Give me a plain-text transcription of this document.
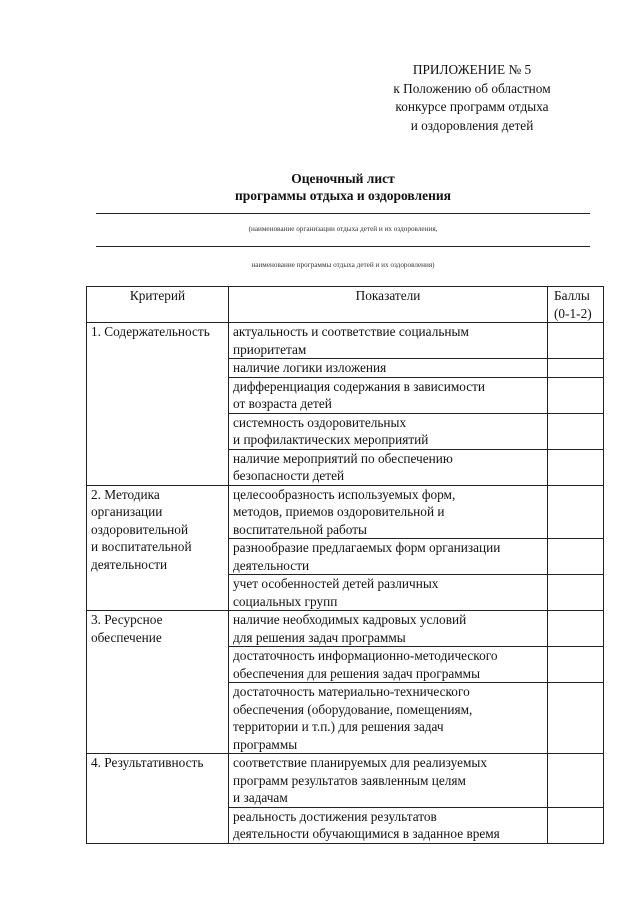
ПРИЛОЖЕНИЕ № 5
к Положению об областном
конкурсе программ отдыха
и оздоровления детей
Оценочный лист
программы отдыха и оздоровления
(наименование организации отдыха детей и их оздоровления,
наименование программы отдыха детей и их оздоровления)
Критерий	Показатели	Баллы
(0-1-2)
1. Содержательность	актуальность и соответствие социальным
приоритетам	
	наличие логики изложения	
	дифференциация содержания в зависимости
от возраста детей	
	системность оздоровительных
и профилактических мероприятий	
	наличие мероприятий по обеспечению
безопасности детей	
2. Методика
организации
оздоровительной
и воспитательной
деятельности	целесообразность используемых форм,
методов, приемов оздоровительной и
воспитательной работы	
	разнообразие предлагаемых форм организации
деятельности	
	учет особенностей детей различных
социальных групп	
3. Ресурсное
обеспечение	наличие необходимых кадровых условий
для решения задач программы	
	достаточность информационно-методического
обеспечения для решения задач программы	
	достаточность материально-технического
обеспечения (оборудование, помещениям,
территории и т.п.) для решения задач
программы	
4. Результативность	соответствие планируемых для реализуемых
программ результатов заявленным целям
и задачам	
	реальность достижения результатов
деятельности обучающимися в заданное время	
